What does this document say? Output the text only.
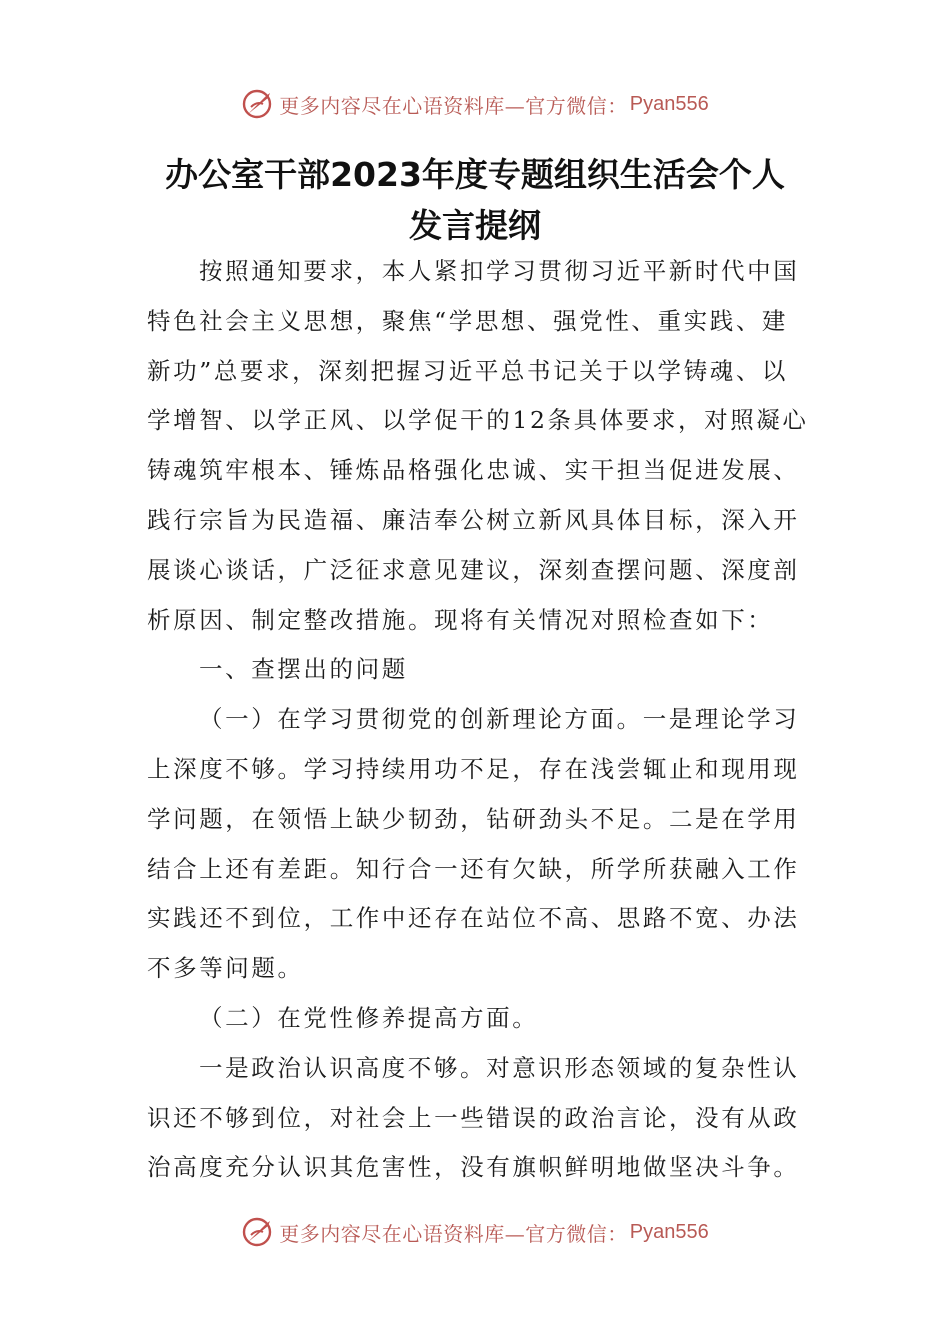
更多内容尽在心语资料库—官方微信： Pyan556
办公室干部2023年度专题组织生活会个人
发言提纲
按照通知要求，本人紧扣学习贯彻习近平新时代中国
特色社会主义思想，聚焦“学思想、强党性、重实践、建
新功”总要求，深刻把握习近平总书记关于以学铸魂、以
学增智、以学正风、以学促干的12条具体要求，对照凝心
铸魂筑牢根本、锤炼品格强化忠诚、实干担当促进发展、
践行宗旨为民造福、廉洁奉公树立新风具体目标，深入开
展谈心谈话，广泛征求意见建议，深刻查摆问题、深度剖
析原因、制定整改措施。现将有关情况对照检查如下：
一、查摆出的问题
（一）在学习贯彻党的创新理论方面。一是理论学习
上深度不够。学习持续用功不足，存在浅尝辄止和现用现
学问题，在领悟上缺少韧劲，钻研劲头不足。二是在学用
结合上还有差距。知行合一还有欠缺，所学所获融入工作
实践还不到位，工作中还存在站位不高、思路不宽、办法
不多等问题。
（二）在党性修养提高方面。
一是政治认识高度不够。对意识形态领域的复杂性认
识还不够到位，对社会上一些错误的政治言论，没有从政
治高度充分认识其危害性，没有旗帜鲜明地做坚决斗争。
更多内容尽在心语资料库—官方微信： Pyan556
